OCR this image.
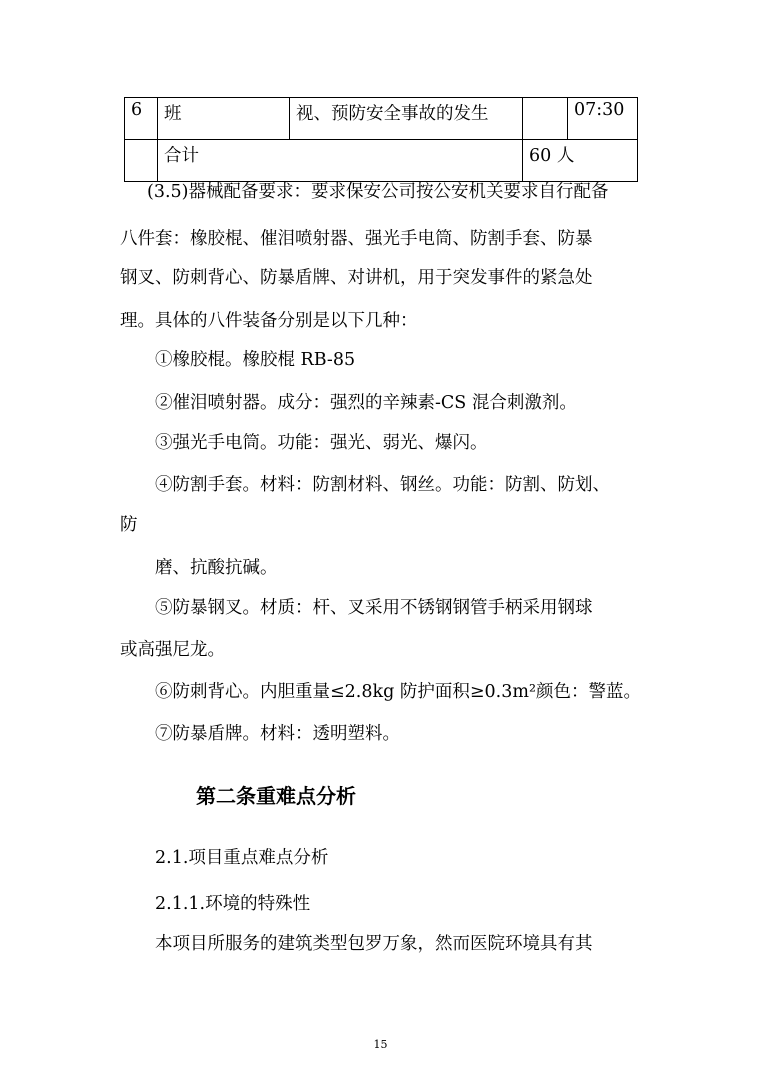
6	班	视、预防安全事故的发生		07:30
	合计		60 人	
(3.5)器械配备要求：要求保安公司按公安机关要求自行配备
八件套：橡胶棍、催泪喷射器、强光手电筒、防割手套、防暴
钢叉、防刺背心、防暴盾牌、对讲机，用于突发事件的紧急处
理。具体的八件装备分别是以下几种：
①橡胶棍。橡胶棍 RB-85
②催泪喷射器。成分：强烈的辛辣素-CS 混合刺激剂。
③强光手电筒。功能：强光、弱光、爆闪。
④防割手套。材料：防割材料、钢丝。功能：防割、防划、
防
磨、抗酸抗碱。
⑤防暴钢叉。材质：杆、叉采用不锈钢钢管手柄采用钢球
或高强尼龙。
⑥防刺背心。内胆重量≤2.8kg 防护面积≥0.3m²颜色：警蓝。
⑦防暴盾牌。材料：透明塑料。
第二条重难点分析
2.1.项目重点难点分析
2.1.1.环境的特殊性
本项目所服务的建筑类型包罗万象，然而医院环境具有其
15
